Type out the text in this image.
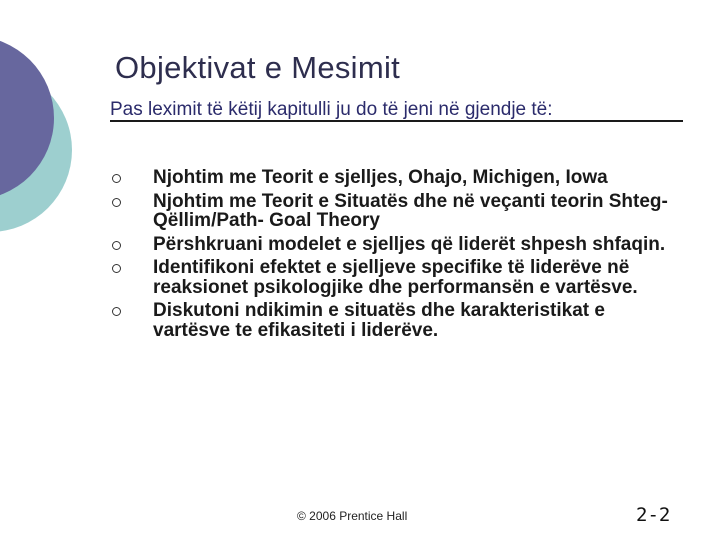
Objektivat e Mesimit
Pas leximit të këtij kapitulli ju do të jeni në gjendje të:
Njohtim me Teorit e sjelljes, Ohajo, Michigen, Iowa
Njohtim me Teorit e Situatës dhe në veçanti teorin Shteg-Qëllim/Path- Goal Theory
Përshkruani modelet e sjelljes që liderët shpesh shfaqin.
Identifikoni efektet e sjelljeve specifike të liderëve në reaksionet psikologjike dhe performansën e vartësve.
Diskutoni ndikimin e situatës dhe karakteristikat e vartësve te efikasiteti i liderëve.
© 2006 Prentice Hall	2-2
